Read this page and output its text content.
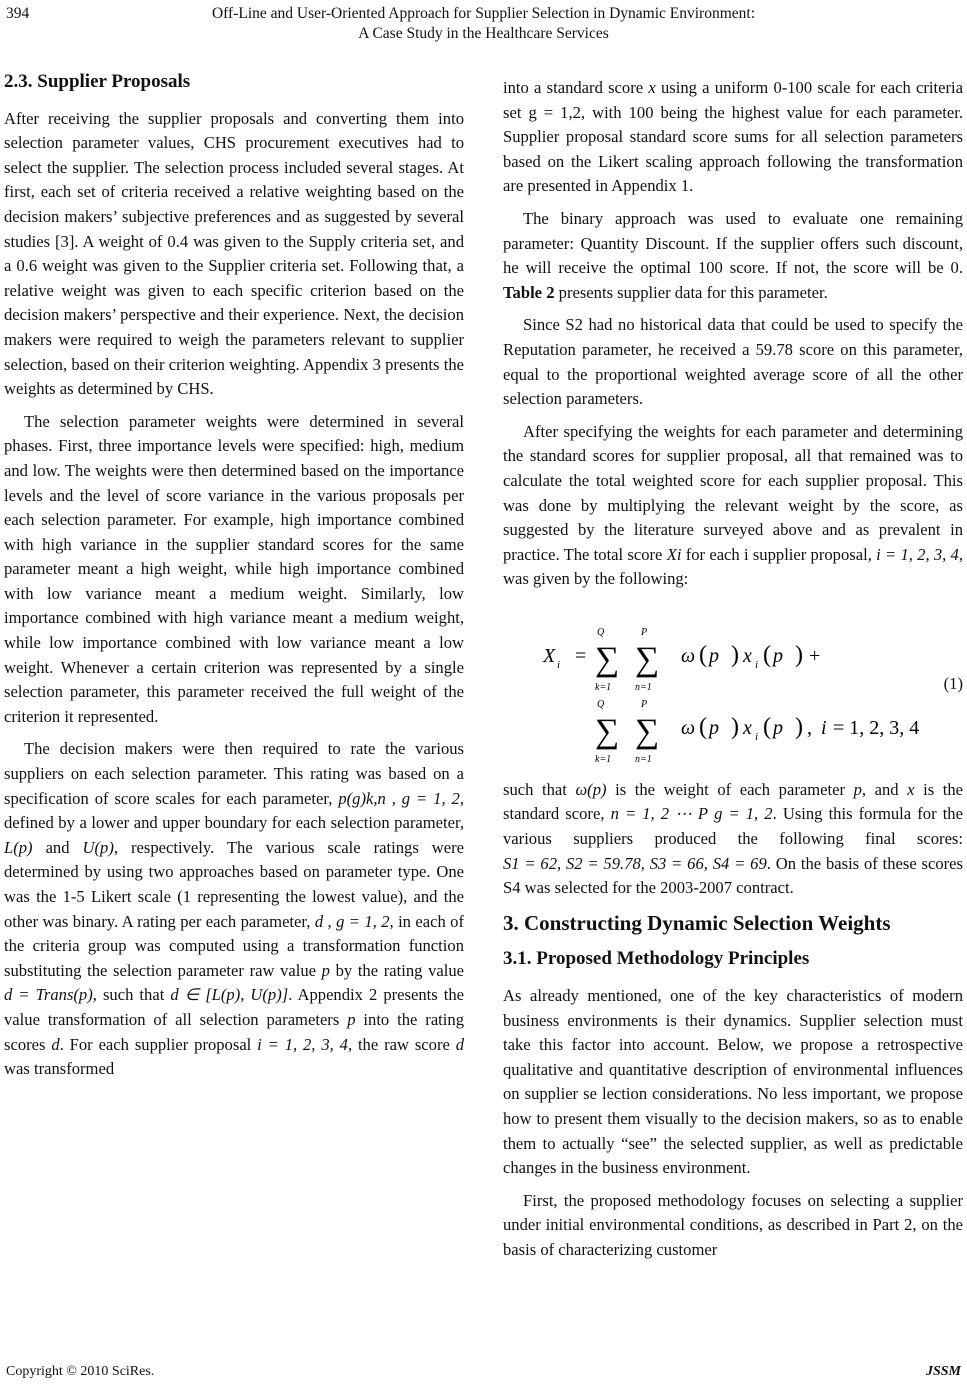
394	Off-Line and User-Oriented Approach for Supplier Selection in Dynamic Environment:
A Case Study in the Healthcare Services
2.3. Supplier Proposals

After receiving the supplier proposals and converting them into selection parameter values, CHS procurement executives had to select the supplier. The selection process included several stages. At first, each set of criteria received a relative weighting based on the decision makers’ subjective preferences and as suggested by several studies [3]. A weight of 0.4 was given to the Supply criteria set, and a 0.6 weight was given to the Supplier criteria set. Following that, a relative weight was given to each specific criterion based on the decision makers’ perspective and their experience. Next, the decision makers were required to weigh the parameters relevant to supplier selection, based on their criterion weighting. Appendix 3 presents the weights as determined by CHS.

The selection parameter weights were determined in several phases. First, three importance levels were specified: high, medium and low. The weights were then determined based on the importance levels and the level of score variance in the various proposals per each selection parameter. For example, high importance combined with high variance in the supplier standard scores for the same parameter meant a high weight, while high importance combined with low variance meant a medium weight. Similarly, low importance combined with high variance meant a medium weight, while low importance combined with low variance meant a low weight. Whenever a certain criterion was represented by a single selection parameter, this parameter received the full weight of the criterion it represented.

The decision makers were then required to rate the various suppliers on each selection parameter. This rating was based on a specification of score scales for each parameter, p(g)k,n , g = 1, 2, defined by a lower and upper boundary for each selection parameter, L(p) and U(p), respectively. The various scale ratings were determined by using two approaches based on parameter type. One was the 1-5 Likert scale (1 representing the lowest value), and the other was binary. A rating per each parameter, d , g = 1, 2, in each of the criteria group was computed using a transformation function substituting the selection parameter raw value p by the rating value d = Trans(p), such that d ∈ [L(p), U(p)]. Appendix 2 presents the value transformation of all selection parameters p into the rating scores d. For each supplier proposal i = 1, 2, 3, 4, the raw score d was transformed

into a standard score x using a uniform 0-100 scale for each criteria set g = 1,2, with 100 being the highest value for each parameter. Supplier proposal standard score sums for all selection parameters based on the Likert scaling approach following the transformation are presented in Appendix 1.

The binary approach was used to evaluate one remaining parameter: Quantity Discount. If the supplier offers such discount, he will receive the optimal 100 score. If not, the score will be 0. Table 2 presents supplier data for this parameter.

Since S2 had no historical data that could be used to specify the Reputation parameter, he received a 59.78 score on this parameter, equal to the proportional weighted average score of all the other selection parameters.

After specifying the weights for each parameter and determining the standard scores for supplier proposal, all that remained was to calculate the total weighted score for each supplier proposal. This was done by multiplying the relevant weight by the score, as suggested by the literature surveyed above and as prevalent in practice. The total score Xi for each i supplier proposal, i = 1, 2, 3, 4, was given by the following:

X i = ∑
Q
k=1
∑
P
n=1
ω ( p ) x i ( p ) +
∑
Q
k=1
∑
P
n=1
ω ( p ) x i ( p ) , i = 1, 2, 3, 4
(1)

such that ω(p) is the weight of each parameter p, and x is the standard score, n = 1, 2 ⋯ P g = 1, 2. Using this formula for the various suppliers produced the following final scores: S1 = 62, S2 = 59.78, S3 = 66, S4 = 69. On the basis of these scores S4 was selected for the 2003-2007 contract.

3. Constructing Dynamic Selection Weights
3.1. Proposed Methodology Principles

As already mentioned, one of the key characteristics of modern business environments is their dynamics. Supplier selection must take this factor into account. Below, we propose a retrospective qualitative and quantitative description of environmental influences on supplier se lection considerations. No less important, we propose how to present them visually to the decision makers, so as to enable them to actually “see” the selected supplier, as well as predictable changes in the business environment.

First, the proposed methodology focuses on selecting a supplier under initial environmental conditions, as described in Part 2, on the basis of characterizing customer

Copyright © 2010 SciRes.	JSSM
